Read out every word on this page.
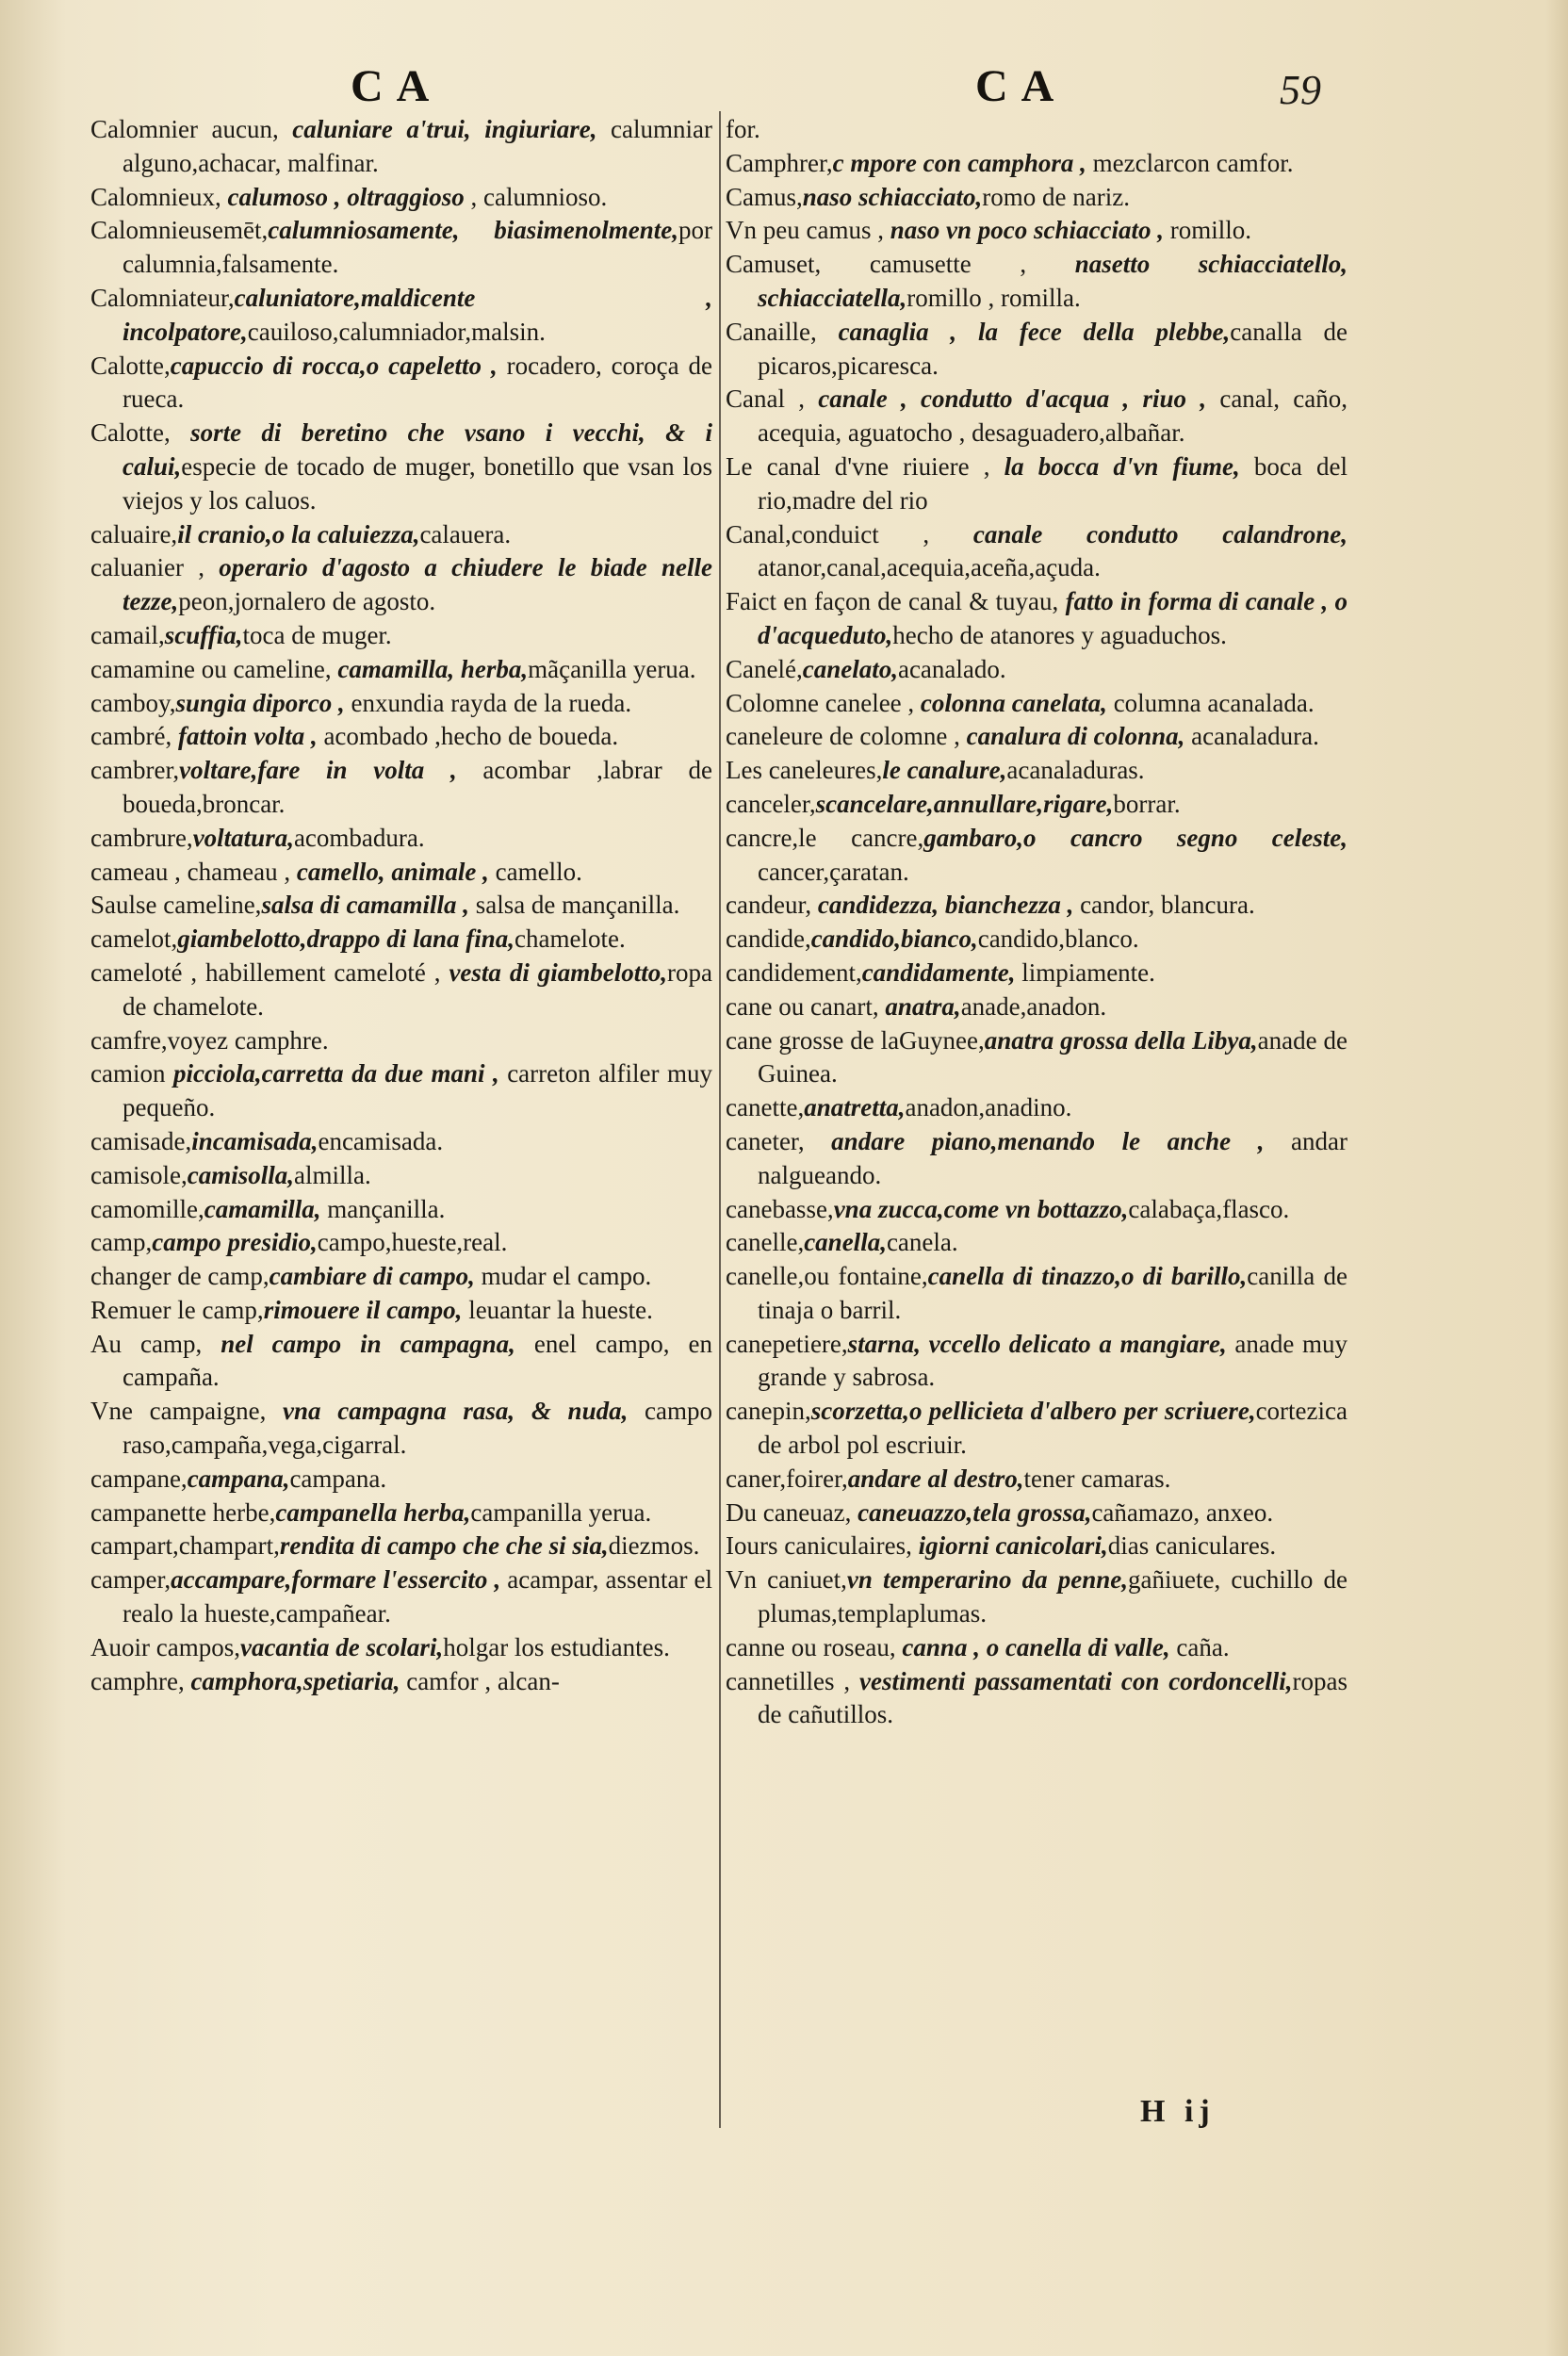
CA	CA	59

Calomnier aucun, caluniare a'trui, ingiuriare, calumniar alguno,achacar, malfinar.

Calomnieux, calumoso , oltraggioso , calumnioso.

Calomnieusemēt,calumniosamente, biasimenolmente,por calumnia,falsamente.

Calomniateur,caluniatore,maldicente , incolpatore,cauiloso,calumniador,malsin.

Calotte,capuccio di rocca,o capeletto , rocadero, coroça de rueca.

Calotte, sorte di beretino che vsano i vecchi, & i calui,especie de tocado de muger, bonetillo que vsan los viejos y los caluos.

caluaire,il cranio,o la caluiezza,calauera.

caluanier , operario d'agosto a chiudere le biade nelle tezze,peon,jornalero de agosto.

camail,scuffia,toca de muger.

camamine ou cameline, camamilla, herba,mãçanilla yerua.

camboy,sungia diporco , enxundia rayda de la rueda.

cambré, fattoin volta , acombado ,hecho de boueda.

cambrer,voltare,fare in volta , acombar ,labrar de boueda,broncar.

cambrure,voltatura,acombadura.

cameau , chameau , camello, animale , camello.

Saulse cameline,salsa di camamilla , salsa de mançanilla.

camelot,giambelotto,drappo di lana fina,chamelote.

cameloté , habillement cameloté , vesta di giambelotto,ropa de chamelote.

camfre,voyez camphre.

camion picciola,carretta da due mani , carreton alfiler muy pequeño.

camisade,incamisada,encamisada.

camisole,camisolla,almilla.

camomille,camamilla, mançanilla.

camp,campo presidio,campo,hueste,real.

changer de camp,cambiare di campo, mudar el campo.

Remuer le camp,rimouere il campo, leuantar la hueste.

Au camp, nel campo in campagna, enel campo, en campaña.

Vne campaigne, vna campagna rasa, & nuda, campo raso,campaña,vega,cigarral.

campane,campana,campana.

campanette herbe,campanella herba,campanilla yerua.

campart,champart,rendita di campo che che si sia,diezmos.

camper,accampare,formare l'essercito , acampar, assentar el realo la hueste,campañear.

Auoir campos,vacantia de scolari,holgar los estudiantes.

camphre, camphora,spetiaria, camfor , alcan-

for.

Camphrer,c mpore con camphora , mezclarcon camfor.

Camus,naso schiacciato,romo de nariz.

Vn peu camus , naso vn poco schiacciato , romillo.

Camuset, camusette , nasetto schiacciatello, schiacciatella,romillo , romilla.

Canaille, canaglia , la fece della plebbe,canalla de picaros,picaresca.

Canal , canale , condutto d'acqua , riuo , canal, caño, acequia, aguatocho , desaguadero,albañar.

Le canal d'vne riuiere , la bocca d'vn fiume, boca del rio,madre del rio

Canal,conduict , canale condutto calandrone, atanor,canal,acequia,aceña,açuda.

Faict en façon de canal & tuyau, fatto in forma di canale , o d'acqueduto,hecho de atanores y aguaduchos.

Canelé,canelato,acanalado.

Colomne canelee , colonna canelata, columna acanalada.

caneleure de colomne , canalura di colonna, acanaladura.

Les caneleures,le canalure,acanaladuras.

canceler,scancelare,annullare,rigare,borrar.

cancre,le cancre,gambaro,o cancro segno celeste, cancer,çaratan.

candeur, candidezza, bianchezza , candor, blancura.

candide,candido,bianco,candido,blanco.

candidement,candidamente, limpiamente.

cane ou canart, anatra,anade,anadon.

cane grosse de laGuynee,anatra grossa della Libya,anade de Guinea.

canette,anatretta,anadon,anadino.

caneter, andare piano,menando le anche , andar nalgueando.

canebasse,vna zucca,come vn bottazzo,calabaça,flasco.

canelle,canella,canela.

canelle,ou fontaine,canella di tinazzo,o di barillo,canilla de tinaja o barril.

canepetiere,starna, vccello delicato a mangiare, anade muy grande y sabrosa.

canepin,scorzetta,o pellicieta d'albero per scriuere,cortezica de arbol pol escriuir.

caner,foirer,andare al destro,tener camaras.

Du caneuaz, caneuazzo,tela grossa,cañamazo, anxeo.

Iours caniculaires, igiorni canicolari,dias caniculares.

Vn caniuet,vn temperarino da penne,gañiuete, cuchillo de plumas,templaplumas.

canne ou roseau, canna , o canella di valle, caña.

cannetilles , vestimenti passamentati con cordoncelli,ropas de cañutillos.

H ij
